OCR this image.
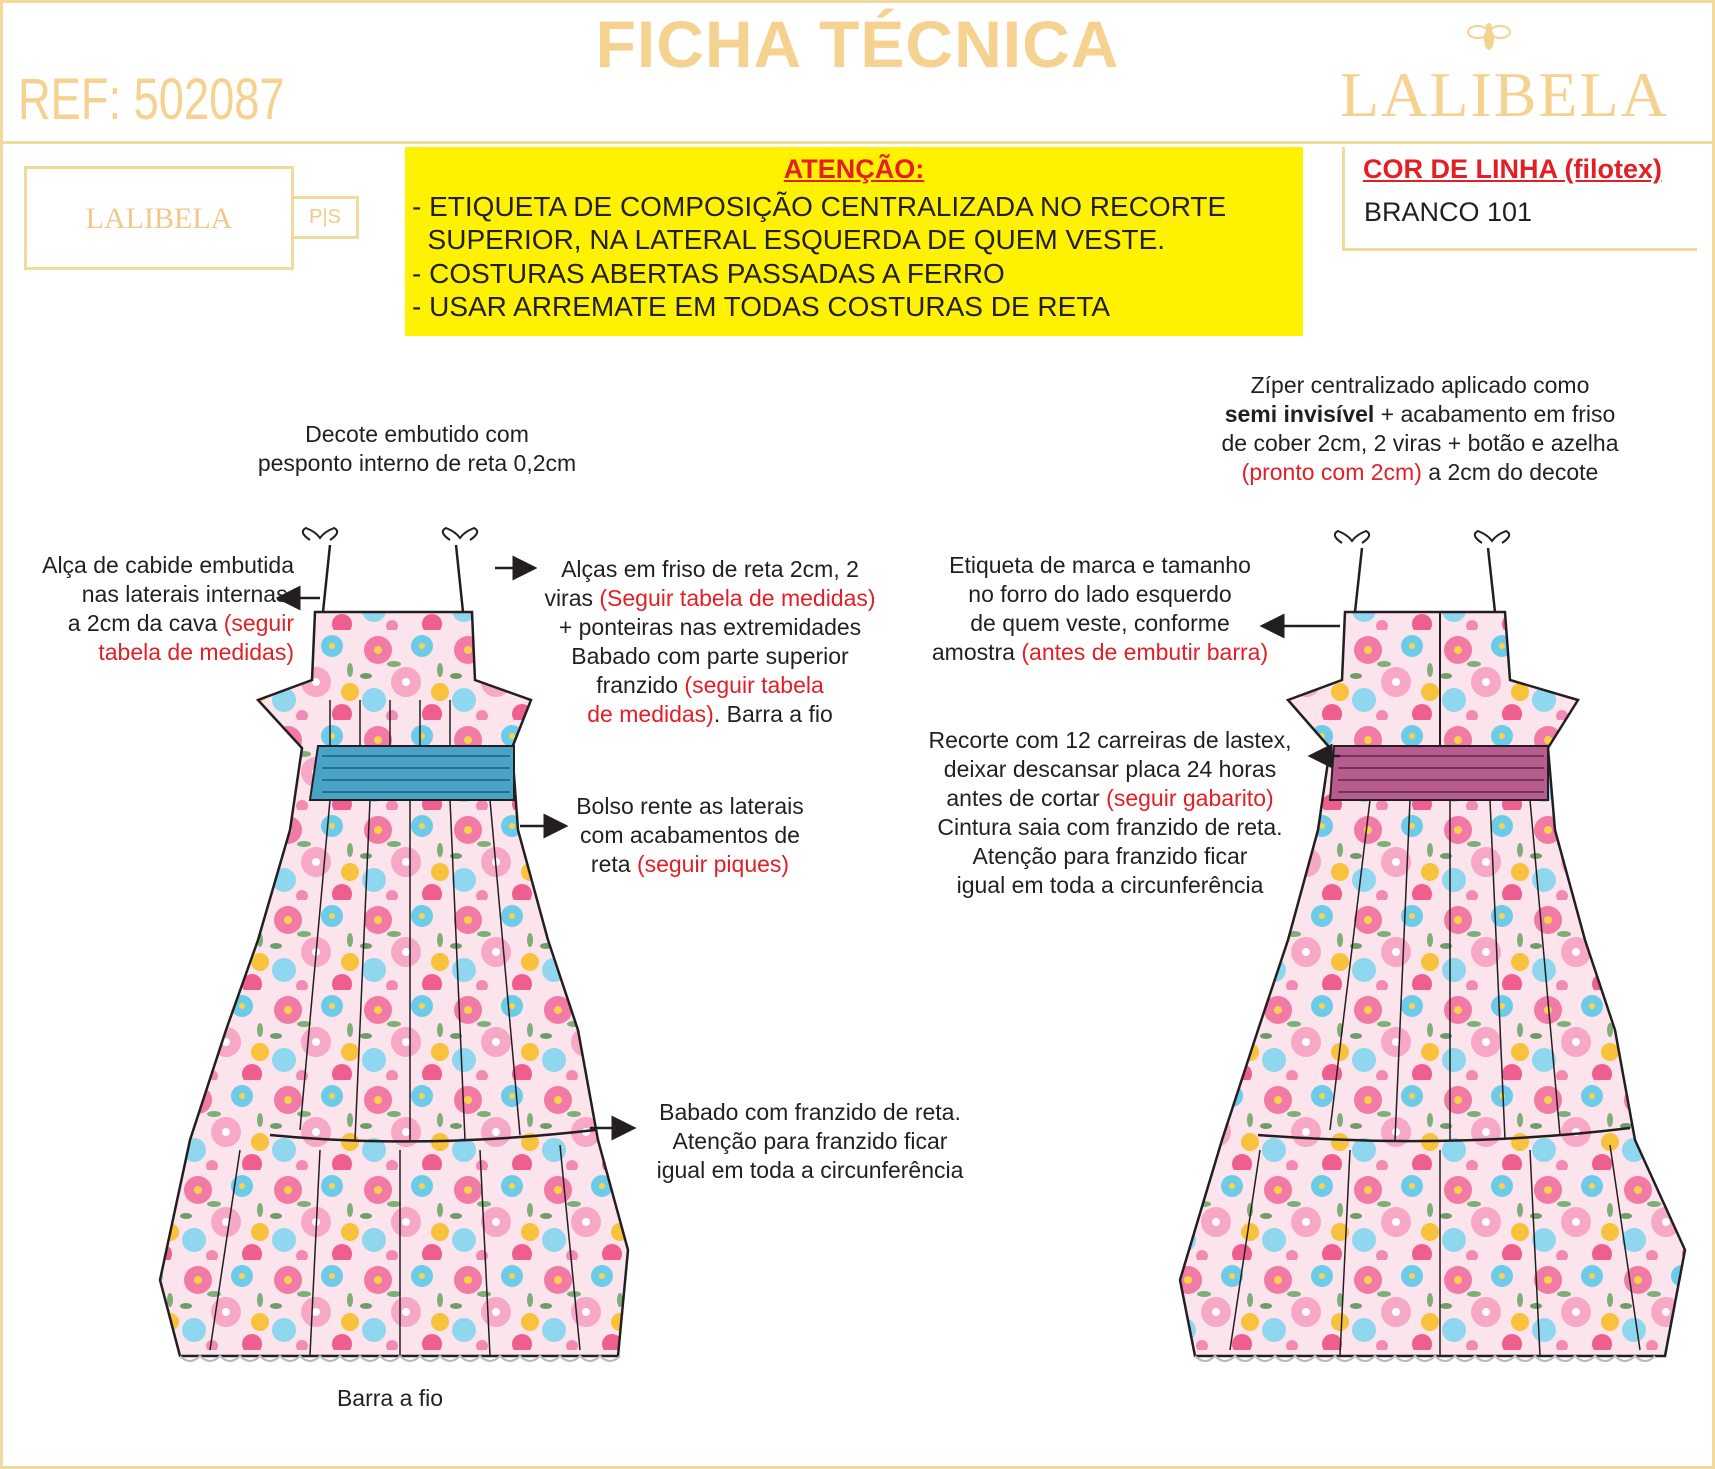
FICHA TÉCNICA
REF: 502087	LALIBELA
LALIBELA	P|S
ATENÇÃO:
- ETIQUETA DE COMPOSIÇÃO CENTRALIZADA NO RECORTE
SUPERIOR, NA LATERAL ESQUERDA DE QUEM VESTE.
- COSTURAS ABERTAS PASSADAS A FERRO
- USAR ARREMATE EM TODAS COSTURAS DE RETA
COR DE LINHA (filotex)
BRANCO 101
Decote embutido com
pesponto interno de reta 0,2cm
Alça de cabide embutida
nas laterais internas,
a 2cm da cava (seguir
tabela de medidas)
Alças em friso de reta 2cm, 2
viras (Seguir tabela de medidas)
+ ponteiras nas extremidades
Babado com parte superior
franzido (seguir tabela
de medidas). Barra a fio
Bolso rente as laterais
com acabamentos de
reta (seguir piques)
Babado com franzido de reta.
Atenção para franzido ficar
igual em toda a circunferência
Barra a fio
Zíper centralizado aplicado como
semi invisível + acabamento em friso
de cober 2cm, 2 viras + botão e azelha
(pronto com 2cm) a 2cm do decote
Etiqueta de marca e tamanho
no forro do lado esquerdo
de quem veste, conforme
amostra (antes de embutir barra)
Recorte com 12 carreiras de lastex,
deixar descansar placa 24 horas
antes de cortar (seguir gabarito)
Cintura saia com franzido de reta.
Atenção para franzido ficar
igual em toda a circunferência
